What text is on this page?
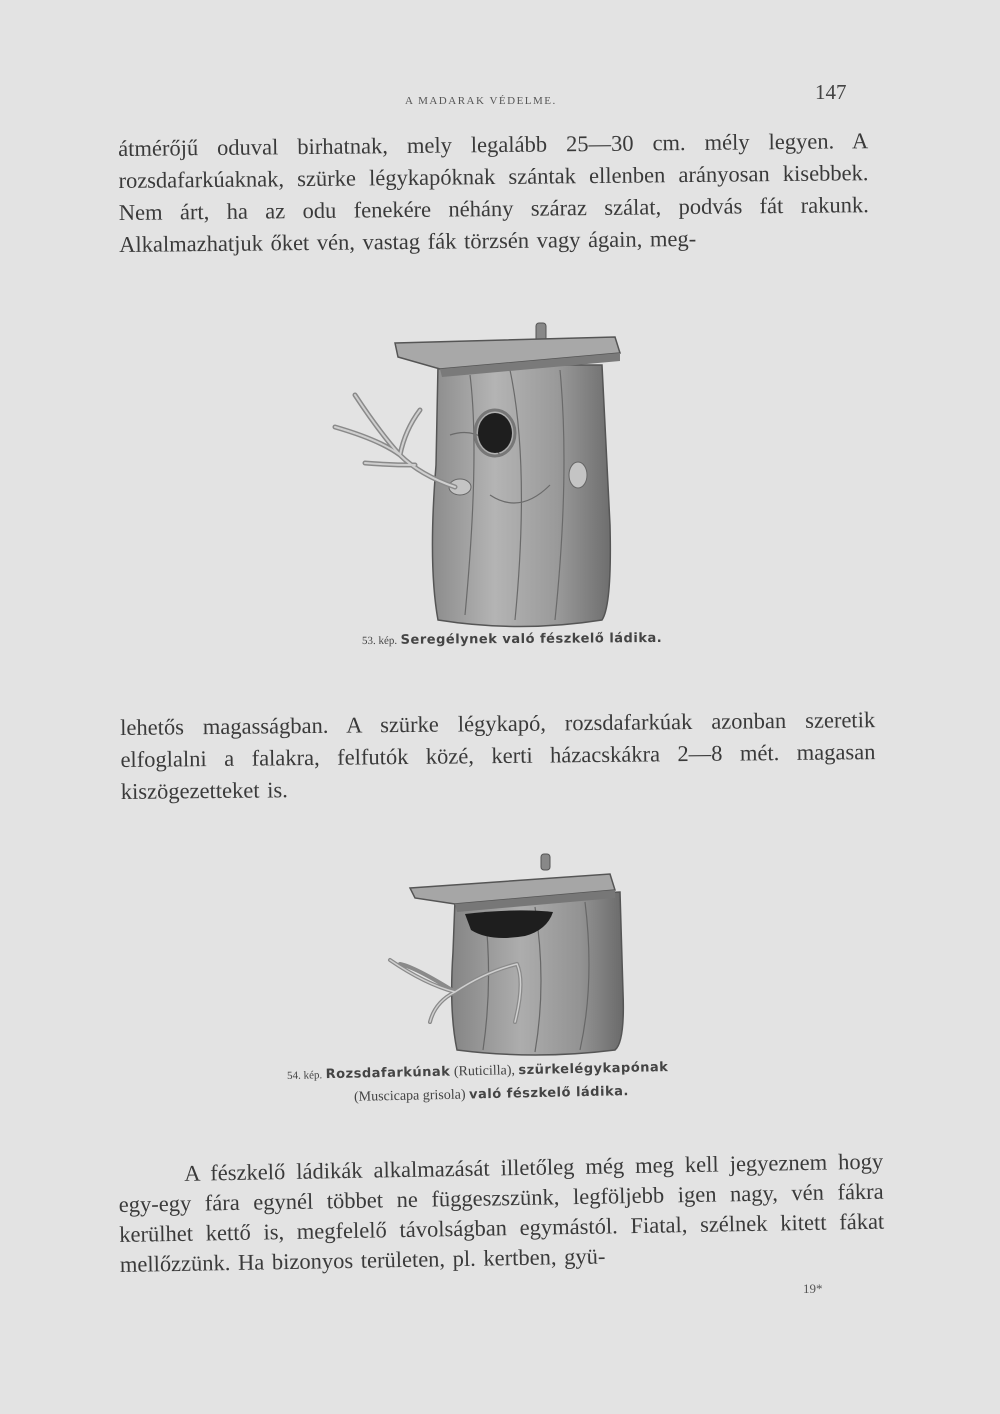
A MADARAK VÉDELME.	147

átmérőjű oduval birhatnak, mely legalább 25—30 cm. mély legyen. A rozsdafarkúaknak, szürke légykapóknak szántak ellenben arányosan kisebbek. Nem árt, ha az odu fenekére néhány száraz szálat, podvás fát rakunk. Alkalmazhatjuk őket vén, vastag fák törzsén vagy ágain, meg-

53. kép. Seregélynek való fészkelő ládika.

lehetős magasságban. A szürke légykapó, rozsdafarkúak azonban szeretik elfoglalni a falakra, felfutók közé, kerti házacskákra 2—8 mét. magasan kiszögezetteket is.

54. kép. Rozsdafarkúnak (Ruticilla), szürkelégykapónak
(Muscicapa grisola) való fészkelő ládika.

A fészkelő ládikák alkalmazását illetőleg még meg kell jegyeznem hogy egy-egy fára egynél többet ne függeszszünk, legföljebb igen nagy, vén fákra kerülhet kettő is, megfelelő távolságban egymástól. Fiatal, szélnek kitett fákat mellőzzünk. Ha bizonyos területen, pl. kertben, gyü-

19*
